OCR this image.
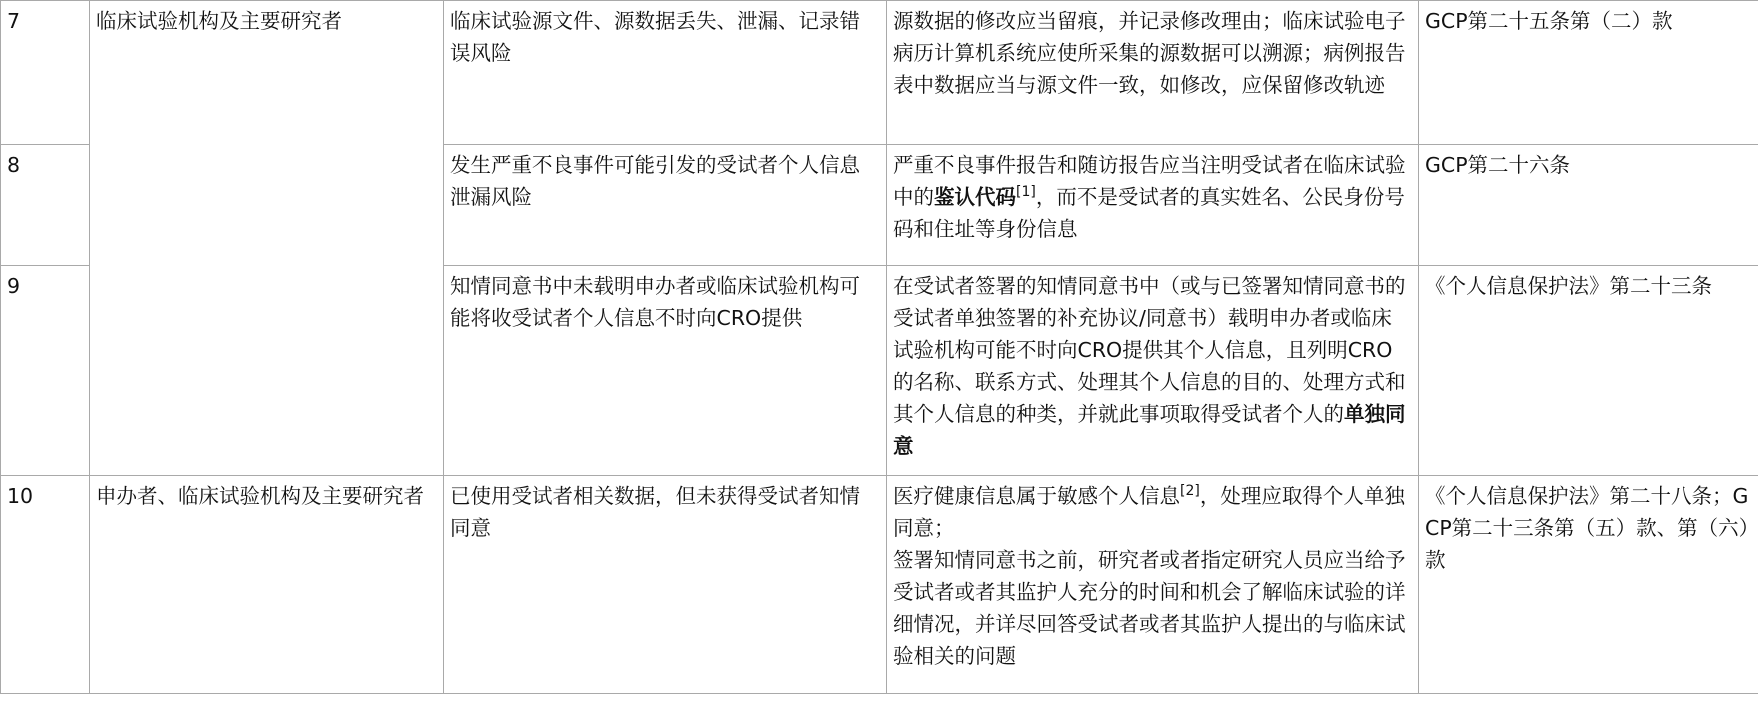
7	临床试验机构及主要研究者	临床试验源文件、源数据丢失、泄漏、记录错误风险	源数据的修改应当留痕，并记录修改理由；临床试验电子病历计算机系统应使所采集的源数据可以溯源；病例报告表中数据应当与源文件一致，如修改，应保留修改轨迹	GCP第二十五条第（二）款
8		发生严重不良事件可能引发的受试者个人信息泄漏风险	严重不良事件报告和随访报告应当注明受试者在临床试验中的鉴认代码[1]，而不是受试者的真实姓名、公民身份号码和住址等身份信息	GCP第二十六条
9		知情同意书中未载明申办者或临床试验机构可能将收受试者个人信息不时向CRO提供	在受试者签署的知情同意书中（或与已签署知情同意书的受试者单独签署的补充协议/同意书）载明申办者或临床试验机构可能不时向CRO提供其个人信息，且列明CRO的名称、联系方式、处理其个人信息的目的、处理方式和其个人信息的种类，并就此事项取得受试者个人的单独同意	《个人信息保护法》第二十三条
10	申办者、临床试验机构及主要研究者	已使用受试者相关数据，但未获得受试者知情同意	医疗健康信息属于敏感个人信息[2]，处理应取得个人单独同意；
签署知情同意书之前，研究者或者指定研究人员应当给予受试者或者其监护人充分的时间和机会了解临床试验的详细情况，并详尽回答受试者或者其监护人提出的与临床试验相关的问题	《个人信息保护法》第二十八条；GCP第二十三条第（五）款、第（六）款
